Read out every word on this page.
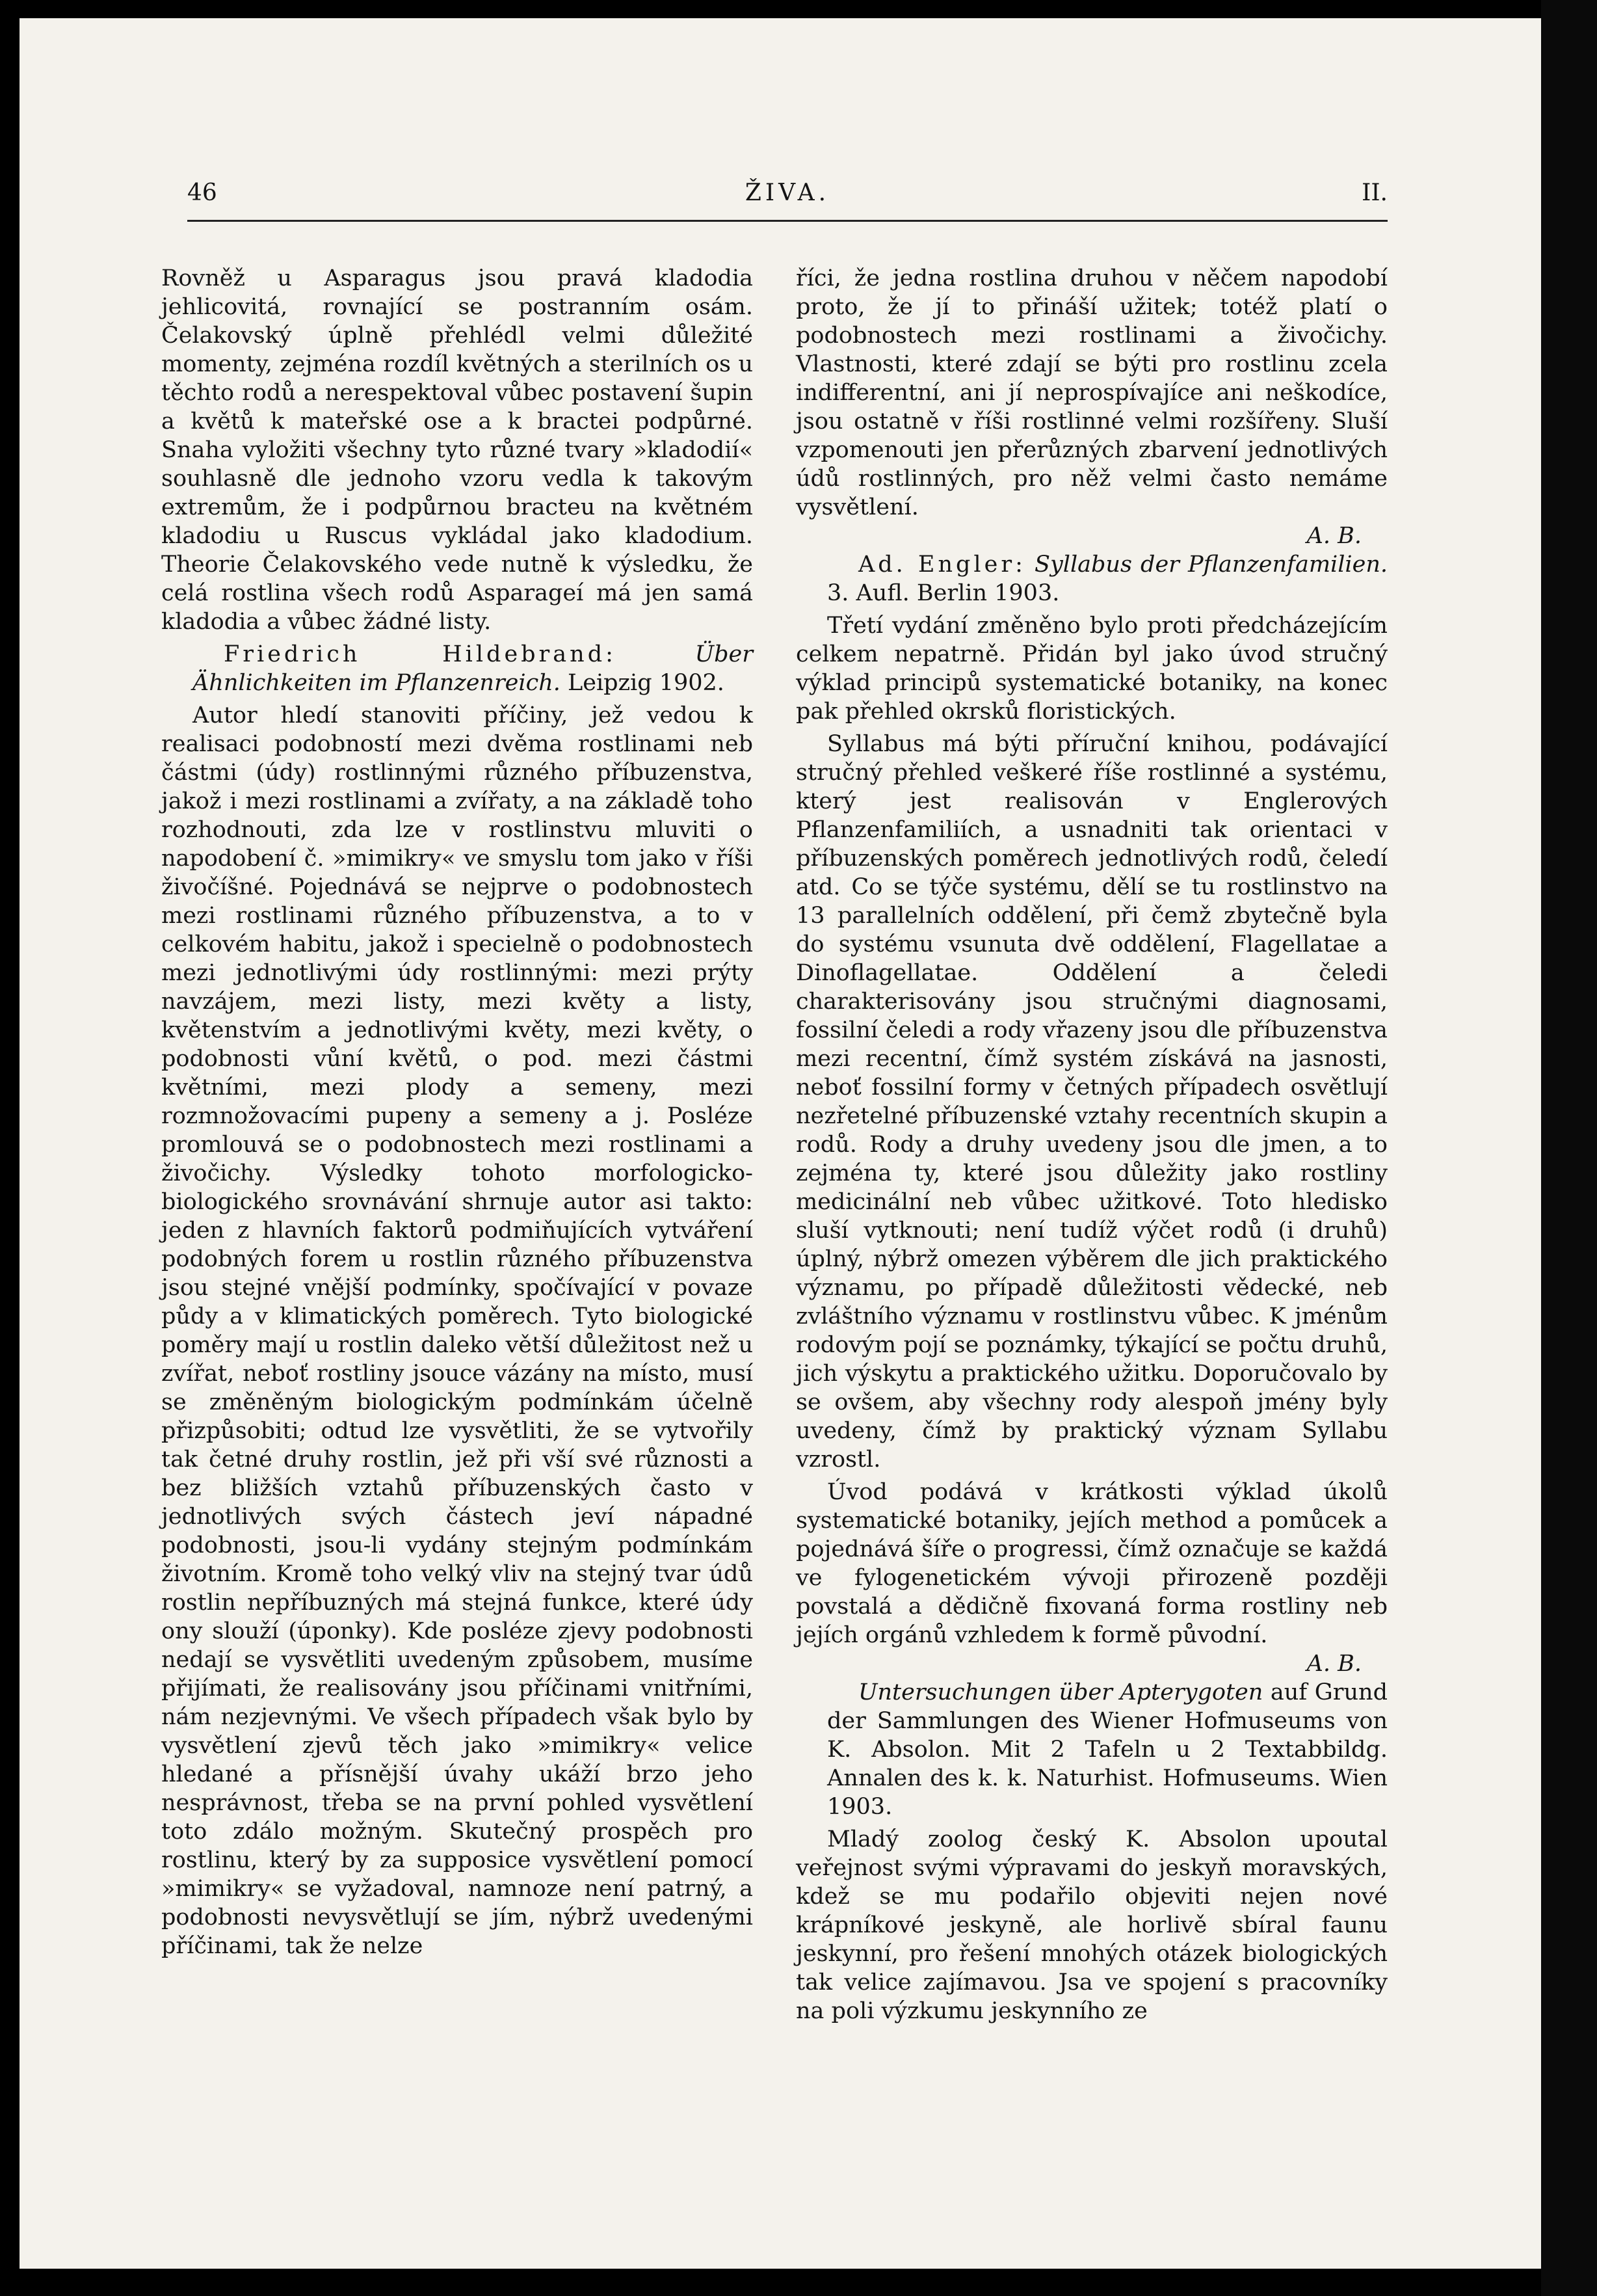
46	ŽIVA.	II.

Rovněž u Asparagus jsou pravá kladodia jehlicovitá, rovnající se postranním osám. Čelakovský úplně přehlédl velmi důležité momenty, zejména rozdíl květných a sterilních os u těchto rodů a nerespektoval vůbec postavení šupin a květů k mateřské ose a k bractei podpůrné. Snaha vyložiti všechny tyto různé tvary »kladodií« souhlasně dle jednoho vzoru vedla k takovým extremům, že i podpůrnou bracteu na květném kladodiu u Ruscus vykládal jako kladodium. Theorie Čelakovského vede nutně k výsledku, že celá rostlina všech rodů Asparageí má jen samá kladodia a vůbec žádné listy.

Friedrich Hildebrand:	Über Ähnlichkeiten im Pflanzenreich. Leipzig 1902.

Autor hledí stanoviti příčiny, jež vedou k realisaci podobností mezi dvěma rostlinami neb částmi (údy) rostlinnými různého příbuzenstva, jakož i mezi rostlinami a zvířaty, a na základě toho rozhodnouti, zda lze v rostlinstvu mluviti o napodobení č. »mimikry« ve smyslu tom jako v říši živočíšné. Pojednává se nejprve o podobnostech mezi rostlinami různého příbuzenstva, a to v celkovém habitu, jakož i specielně o podobnostech mezi jednotlivými údy rostlinnými: mezi prýty navzájem, mezi listy, mezi květy a listy, květenstvím a jednotlivými květy, mezi květy, o podobnosti vůní květů, o pod. mezi částmi květními, mezi plody a semeny, mezi rozmnožovacími pupeny a semeny a j. Posléze promlouvá se o podobnostech mezi rostlinami a živočichy. Výsledky tohoto morfologicko-biologického srovnávání shrnuje autor asi takto: jeden z hlavních faktorů podmiňujících vytváření podobných forem u rostlin různého příbuzenstva jsou stejné vnější podmínky, spočívající v povaze půdy a v klimatických poměrech. Tyto biologické poměry mají u rostlin daleko větší důležitost než u zvířat, neboť rostliny jsouce vázány na místo, musí se změněným biologickým podmínkám účelně přizpůsobiti; odtud lze vysvětliti, že se vytvořily tak četné druhy rostlin, jež při vší své různosti a bez bližších vztahů příbuzenských často v jednotlivých svých částech jeví nápadné podobnosti, jsou-li vydány stejným podmínkám životním. Kromě toho velký vliv na stejný tvar údů rostlin nepříbuzných má stejná funkce, které údy ony slouží (úponky). Kde posléze zjevy podobnosti nedají se vysvětliti uvedeným způsobem, musíme přijímati, že realisovány jsou příčinami vnitřními, nám nezjevnými. Ve všech případech však bylo by vysvětlení zjevů těch jako »mimikry« velice hledané a přísnější úvahy ukáží brzo jeho nesprávnost, třeba se na první pohled vysvětlení toto zdálo možným. Skutečný prospěch pro rostlinu, který by za supposice vysvětlení pomocí »mimikry« se vyžadoval, namnoze není patrný, a podobnosti nevysvětlují se jím, nýbrž uvedenými příčinami, tak že nelze

říci, že jedna rostlina druhou v něčem napodobí proto, že jí to přináší užitek; totéž platí o podobnostech mezi rostlinami a živočichy. Vlastnosti, které zdají se býti pro rostlinu zcela indifferentní, ani jí neprospívajíce ani neškodíce, jsou ostatně v říši rostlinné velmi rozšířeny. Sluší vzpomenouti jen přerůzných zbarvení jednotlivých údů rostlinných, pro něž velmi často nemáme vysvětlení.

A. B.

Ad. Engler: Syllabus der Pflanzenfamilien. 3. Aufl. Berlin 1903.

Třetí vydání změněno bylo proti předcházejícím celkem nepatrně. Přidán byl jako úvod stručný výklad principů systematické botaniky, na konec pak přehled okrsků floristických.

Syllabus má býti příruční knihou, podávající stručný přehled veškeré říše rostlinné a systému, který jest realisován v Englerových Pflanzenfamiliích, a usnadniti tak orientaci v příbuzenských poměrech jednotlivých rodů, čeledí atd. Co se týče systému, dělí se tu rostlinstvo na 13 parallelních oddělení, při čemž zbytečně byla do systému vsunuta dvě oddělení, Flagellatae a Dinoflagellatae. Oddělení a čeledi charakterisovány jsou stručnými diagnosami, fossilní čeledi a rody vřazeny jsou dle příbuzenstva mezi recentní, čímž systém získává na jasnosti, neboť fossilní formy v četných případech osvětlují nezřetelné příbuzenské vztahy recentních skupin a rodů. Rody a druhy uvedeny jsou dle jmen, a to zejména ty, které jsou důležity jako rostliny medicinální neb vůbec užitkové. Toto hledisko sluší vytknouti; není tudíž výčet rodů (i druhů) úplný, nýbrž omezen výběrem dle jich praktického významu, po případě důležitosti vědecké, neb zvláštního významu v rostlinstvu vůbec. K jménům rodovým pojí se poznámky, týkající se počtu druhů, jich výskytu a praktického užitku. Doporučovalo by se ovšem, aby všechny rody alespoň jmény byly uvedeny, čímž by praktický význam Syllabu vzrostl.

Úvod podává v krátkosti výklad úkolů systematické botaniky, jejích method a pomůcek a pojednává šíře o progressi, čímž označuje se každá ve fylogenetickém vývoji přirozeně později povstalá a dědičně fixovaná forma rostliny neb jejích orgánů vzhledem k formě původní.

A. B.

Untersuchungen über Apterygoten auf Grund der Sammlungen des Wiener Hofmuseums von K. Absolon. Mit 2 Tafeln u 2 Textabbildg. Annalen des k. k. Naturhist. Hofmuseums. Wien 1903.

Mladý zoolog český K. Absolon upoutal veřejnost svými výpravami do jeskyň moravských, kdež se mu podařilo objeviti nejen nové krápníkové jeskyně, ale horlivě sbíral faunu jeskynní, pro řešení mnohých otázek biologických tak velice zajímavou. Jsa ve spojení s pracovníky na poli výzkumu jeskynního ze
